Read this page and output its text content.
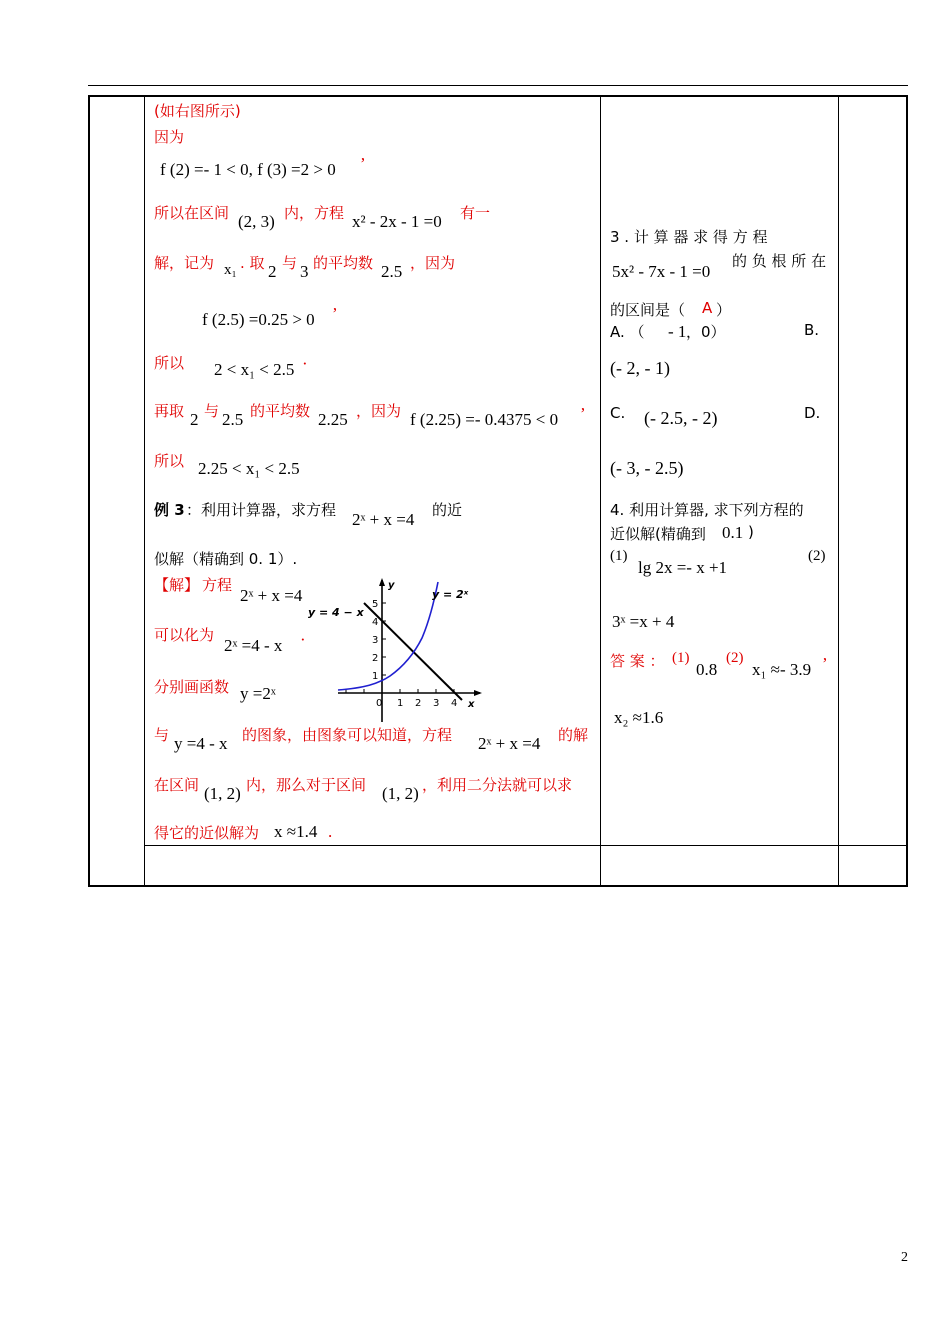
(如右图所示)
因为
f (2) =- 1 < 0, f (3) =2 > 0 ’
所以在区间 (2, 3) 内，方程 x² - 2x - 1 =0 有一
解，记为 x₁ . 取 2 与 3 的平均数 2.5 ，因为
f (2.5) =0.25 > 0 ’
所以 2 < x₁ < 2.5 ·
再取 2 与 2.5 的平均数 2.25 ，因为 f (2.25) =- 0.4375 < 0 ’
所以 2.25 < x₁ < 2.5
例 3 ：利用计算器，求方程 2ˣ + x =4 的近
似解（精确到 0. 1）.
【解】 方程
2ˣ + x =4
可以化为
2ˣ =4 - x ·
分别画函数 y =2ˣ
与 y =4 - x 的图象，由图象可以知道，方程 2ˣ + x =4 的解
在区间 (1, 2) 内，那么对于区间 (1, 2) ，利用二分法就可以求
得它的近似解为 x ≈1.4 .
1
2
3
4
5
0 1 2 3 4
y
x
y = 4 − x
y = 2ˣ
3 . 计 算 器 求 得 方 程
5x² - 7x - 1 =0
的 负 根 所 在
的区间是（ A ）
A. （ - 1 ，0）	B.
(- 2, - 1)
C. (- 2.5, - 2)	D.
(- 3, - 2.5)
4. 利用计算器, 求下列方程的
近似解(精确到 0.1 )
(1)
lg 2x =- x +1
(2)
3ˣ =x + 4
答 案 ： (1)
0.8
(2)
x₁ ≈- 3.9 ’
x₂ ≈1.6
2
